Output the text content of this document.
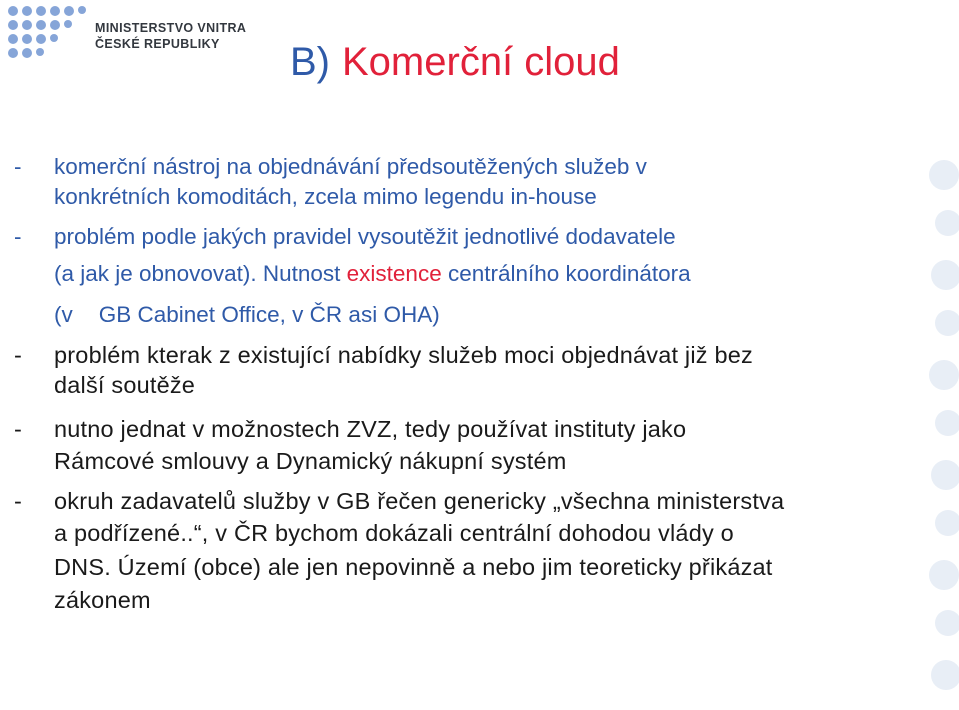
MINISTERSTVO VNITRA
ČESKÉ REPUBLIKY	B) Komerční cloud
- komerční nástroj na objednávání předsoutěžených služeb v
konkrétních komoditách, zcela mimo legendu in-house
- problém podle jakých pravidel vysoutěžit jednotlivé dodavatele
(a jak je obnovovat). Nutnost existence centrálního koordinátora
(v GB Cabinet Office, v ČR asi OHA)
- problém kterak z existující nabídky služeb moci objednávat již bez
další soutěže
- nutno jednat v možnostech ZVZ, tedy používat instituty jako
Rámcové smlouvy a Dynamický nákupní systém
- okruh zadavatelů služby v GB řečen genericky „všechna ministerstva
a podřízené..“, v ČR bychom dokázali centrální dohodou vlády o
DNS. Území (obce) ale jen nepovinně a nebo jim teoreticky přikázat
zákonem
